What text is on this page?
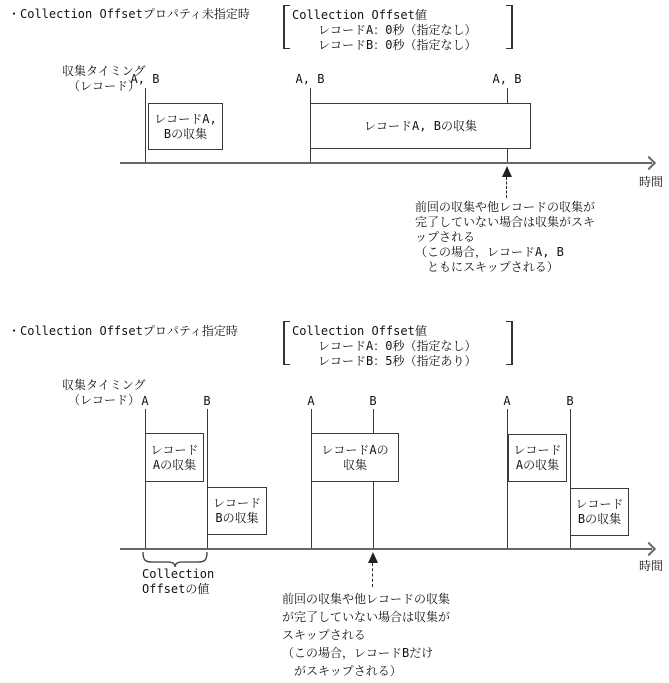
・Collection Offsetプロパティ未指定時	Collection Offset値
レコードA：0秒（指定なし）
レコードB：0秒（指定なし）
収集タイミング
（レコード）
A, B	A, B	A, B
レコードA,
Bの収集
レコードA, Bの収集
時間
前回の収集や他レコードの収集が
完了していない場合は収集がスキ
ップされる
（この場合，レコードA, B
　ともにスキップされる）
・Collection Offsetプロパティ指定時	Collection Offset値
レコードA：0秒（指定なし）
レコードB：5秒（指定あり）
収集タイミング
（レコード） A	B	A	B	A	B
レコード
Aの収集
レコード
Bの収集
レコードAの
収集
レコード
Aの収集
レコード
Bの収集
時間
Collection
Offsetの値
前回の収集や他レコードの収集
が完了していない場合は収集が
スキップされる
（この場合，レコードBだけ
　がスキップされる）
